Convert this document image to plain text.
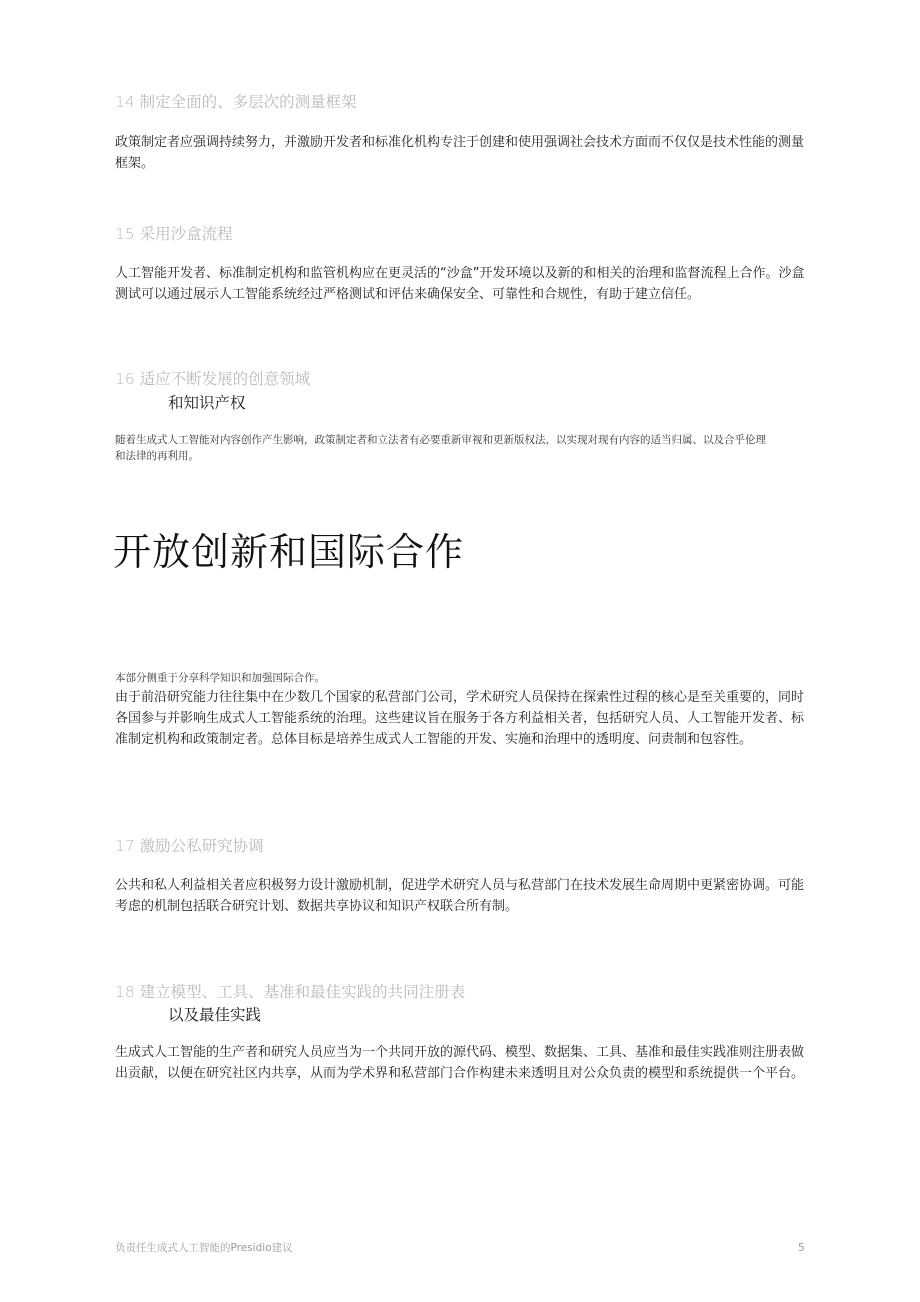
14 制定全面的、多层次的测量框架
政策制定者应强调持续努力，并激励开发者和标准化机构专注于创建和使用强调社会技术方面而不仅仅是技术性能的测量框架。
15 采用沙盒流程
人工智能开发者、标准制定机构和监管机构应在更灵活的“沙盒”开发环境以及新的和相关的治理和监督流程上合作。沙盒测试可以通过展示人工智能系统经过严格测试和评估来确保安全、可靠性和合规性，有助于建立信任。
16 适应不断发展的创意领域
和知识产权
随着生成式人工智能对内容创作产生影响，政策制定者和立法者有必要重新审视和更新版权法，以实现对现有内容的适当归属、以及合乎伦理和法律的再利用。
开放创新和国际合作
本部分侧重于分享科学知识和加强国际合作。
由于前沿研究能力往往集中在少数几个国家的私营部门公司，学术研究人员保持在探索性过程的核心是至关重要的，同时各国参与并影响生成式人工智能系统的治理。这些建议旨在服务于各方利益相关者，包括研究人员、人工智能开发者、标准制定机构和政策制定者。总体目标是培养生成式人工智能的开发、实施和治理中的透明度、问责制和包容性。
17 激励公私研究协调
公共和私人利益相关者应积极努力设计激励机制，促进学术研究人员与私营部门在技术发展生命周期中更紧密协调。可能考虑的机制包括联合研究计划、数据共享协议和知识产权联合所有制。
18 建立模型、工具、基准和最佳实践的共同注册表
以及最佳实践
生成式人工智能的生产者和研究人员应当为一个共同开放的源代码、模型、数据集、工具、基准和最佳实践准则注册表做出贡献，以便在研究社区内共享，从而为学术界和私营部门合作构建未来透明且对公众负责的模型和系统提供一个平台。
负责任生成式人工智能的Presidio建议	5
